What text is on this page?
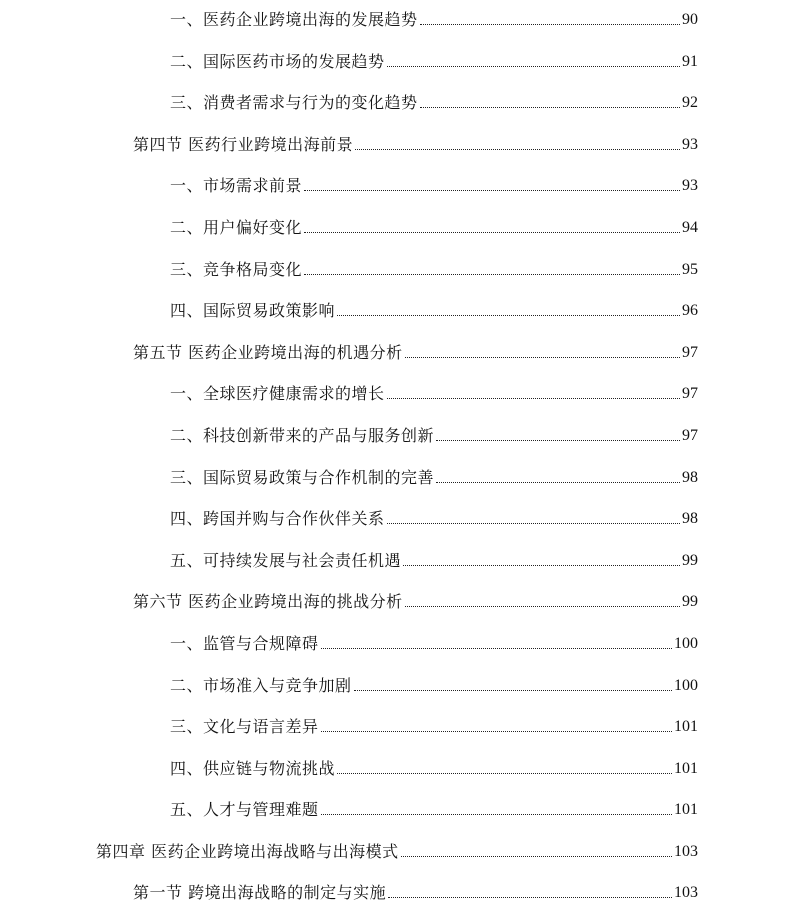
一、医药企业跨境出海的发展趋势	90
二、国际医药市场的发展趋势	91
三、消费者需求与行为的变化趋势	92
第四节 医药行业跨境出海前景	93
一、市场需求前景	93
二、用户偏好变化	94
三、竞争格局变化	95
四、国际贸易政策影响	96
第五节 医药企业跨境出海的机遇分析	97
一、全球医疗健康需求的增长	97
二、科技创新带来的产品与服务创新	97
三、国际贸易政策与合作机制的完善	98
四、跨国并购与合作伙伴关系	98
五、可持续发展与社会责任机遇	99
第六节 医药企业跨境出海的挑战分析	99
一、监管与合规障碍	100
二、市场准入与竞争加剧	100
三、文化与语言差异	101
四、供应链与物流挑战	101
五、人才与管理难题	101
第四章 医药企业跨境出海战略与出海模式	103
第一节 跨境出海战略的制定与实施	103
